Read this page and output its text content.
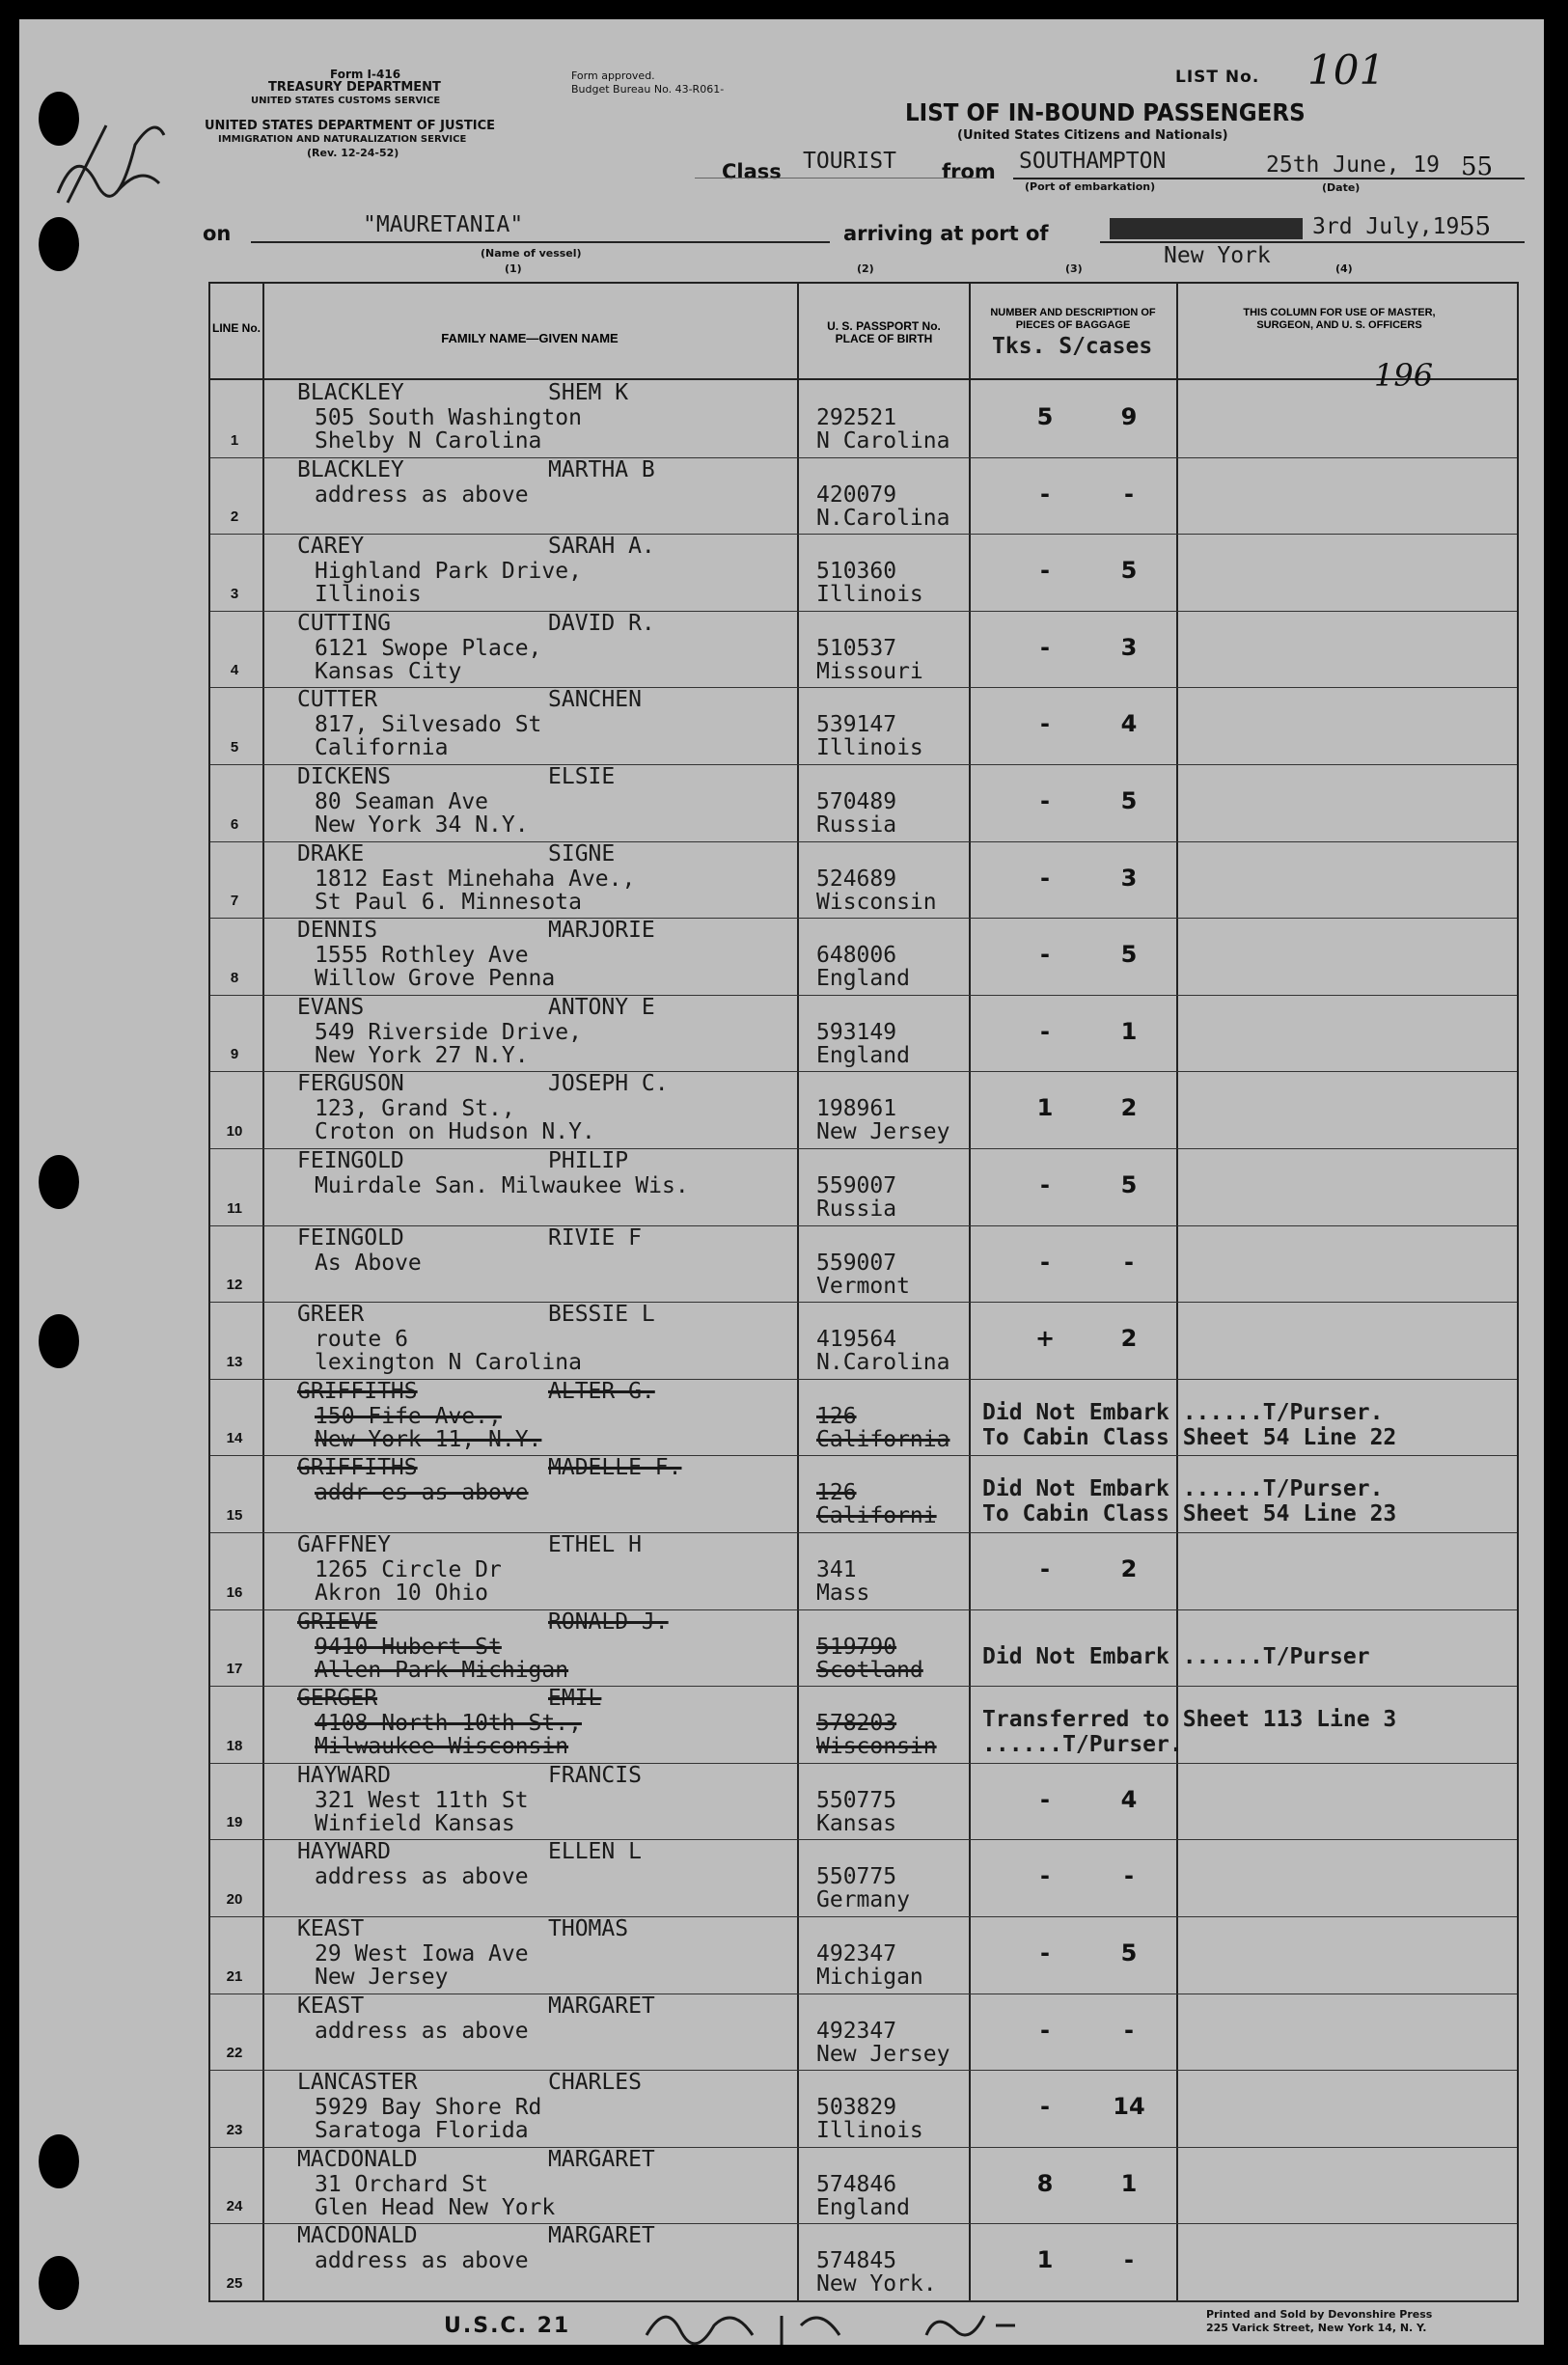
Form I-416
TREASURY DEPARTMENT
UNITED STATES CUSTOMS SERVICE
UNITED STATES DEPARTMENT OF JUSTICE
IMMIGRATION AND NATURALIZATION SERVICE
(Rev. 12-24-52)
Form approved.
Budget Bureau No. 43-R061-
LIST No. 101
LIST OF IN-BOUND PASSENGERS
(United States Citizens and Nationals)
Class TOURIST from SOUTHAMPTON
(Port of embarkation)
25th June, 19 55
(Date)
on	"MAURETANIA"
(Name of vessel)
(1)
arriving at port of
New York
3rd July,19 55
(2)	(3)	(4)
LINE No.
FAMILY NAME—GIVEN NAME
U. S. PASSPORT No. PLACE OF BIRTH
NUMBER AND DESCRIPTION OF PIECES OF BAGGAGE
Tks. S/cases
THIS COLUMN FOR USE OF MASTER, SURGEON, AND U. S. OFFICERS
1
BLACKLEY	SHEM K
505 South Washington
Shelby N Carolina
292521
N Carolina
5	9
2
BLACKLEY	MARTHA B
address as above	420079
N.Carolina
-	-
3
CAREY	SARAH A.
Highland Park Drive,
Illinois
510360
Illinois
-	5
4
CUTTING	DAVID R.
6121 Swope Place,
Kansas City
510537
Missouri
-	3
5
CUTTER	SANCHEN
817, Silvesado St
California
539147
Illinois
-	4
6
DICKENS	ELSIE
80 Seaman Ave
New York 34 N.Y.
570489
Russia
-	5
7
DRAKE	SIGNE
1812 East Minehaha Ave.,
St Paul 6. Minnesota
524689
Wisconsin
-	3
8
DENNIS	MARJORIE
1555 Rothley Ave
Willow Grove Penna
648006
England
-	5
9
EVANS	ANTONY E
549 Riverside Drive,
New York 27 N.Y.
593149
England
-	1
10
FERGUSON	JOSEPH C.
123, Grand St.,
Croton on Hudson N.Y.
198961
New Jersey
1	2
11
FEINGOLD	PHILIP
Muirdale San. Milwaukee Wis.	559007
Russia
-	5
12
FEINGOLD	RIVIE F
As Above	559007
Vermont
-	-
13
GREER	BESSIE L
route 6
lexington N Carolina
419564
N.Carolina
+	2
14
GRIFFITHS	ALTER G.
150 Fife Ave.,
New York 11, N.Y.
126
California
Did Not Embark ......T/Purser.
To Cabin Class Sheet 54 Line 22
15
GRIFFITHS	MADELLE F.
addr es as above	126
Californi
Did Not Embark ......T/Purser.
To Cabin Class Sheet 54 Line 23
16
GAFFNEY	ETHEL H
1265 Circle Dr
Akron 10 Ohio
341
Mass
-	2
17
GRIEVE	RONALD J.
9410 Hubert St
Allen Park Michigan
519790
Scotland
Did Not Embark ......T/Purser
18
GERGER	EMIL
4108 North 10th St.,
Milwaukee Wisconsin
578203
Wisconsin
Transferred to Sheet 113 Line 3
......T/Purser.
19
HAYWARD	FRANCIS
321 West 11th St
Winfield Kansas
550775
Kansas
-	4
20
HAYWARD	ELLEN L
address as above	550775
Germany
-	-
21
KEAST	THOMAS
29 West Iowa Ave
New Jersey
492347
Michigan
-	5
22
KEAST	MARGARET
address as above	492347
New Jersey
-	-
23
LANCASTER	CHARLES
5929 Bay Shore Rd
Saratoga Florida
503829
Illinois
-	14
24
MACDONALD	MARGARET
31 Orchard St
Glen Head New York
574846
England
8	1
25
MACDONALD	MARGARET
address as above	574845
New York.
1	-
196
U.S.C. 21	Printed and Sold by Devonshire Press
225 Varick Street, New York 14, N. Y.
